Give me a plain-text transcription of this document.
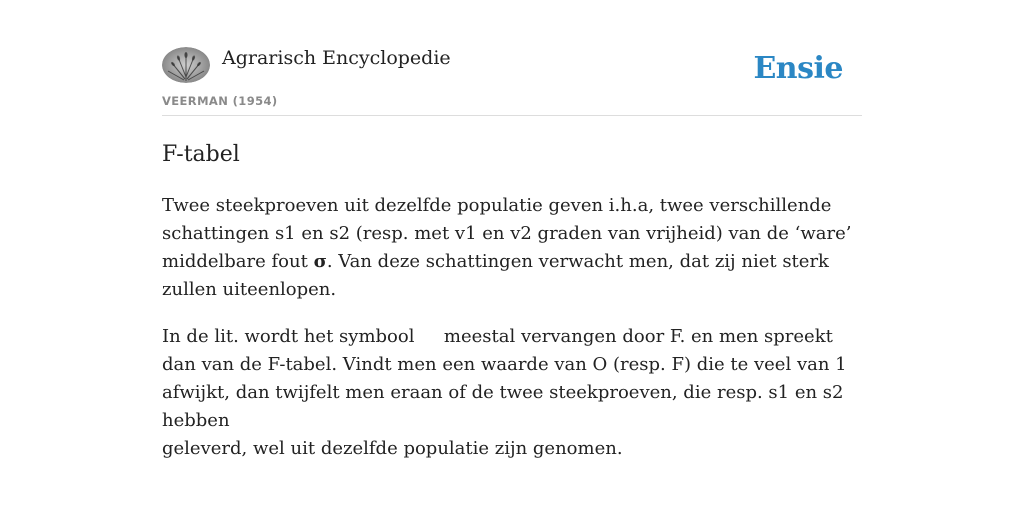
Agrarisch Encyclopedie
VEERMAN (1954)
Ensie
F-tabel

Twee steekproeven uit dezelfde populatie geven i.h.a, twee verschillende schattingen s1 en s2 (resp. met v1 en v2 graden van vrijheid) van de ‘ware’ middelbare fout σ. Van deze schattingen verwacht men, dat zij niet sterk zullen uiteenlopen.

In de lit. wordt het symbool  meestal vervangen door F. en men spreekt dan van de F-tabel. Vindt men een waarde van O (resp. F) die te veel van 1 afwijkt, dan twijfelt men eraan of de twee steekproeven, die resp. s1 en s2 hebben

geleverd, wel uit dezelfde populatie zijn genomen.
